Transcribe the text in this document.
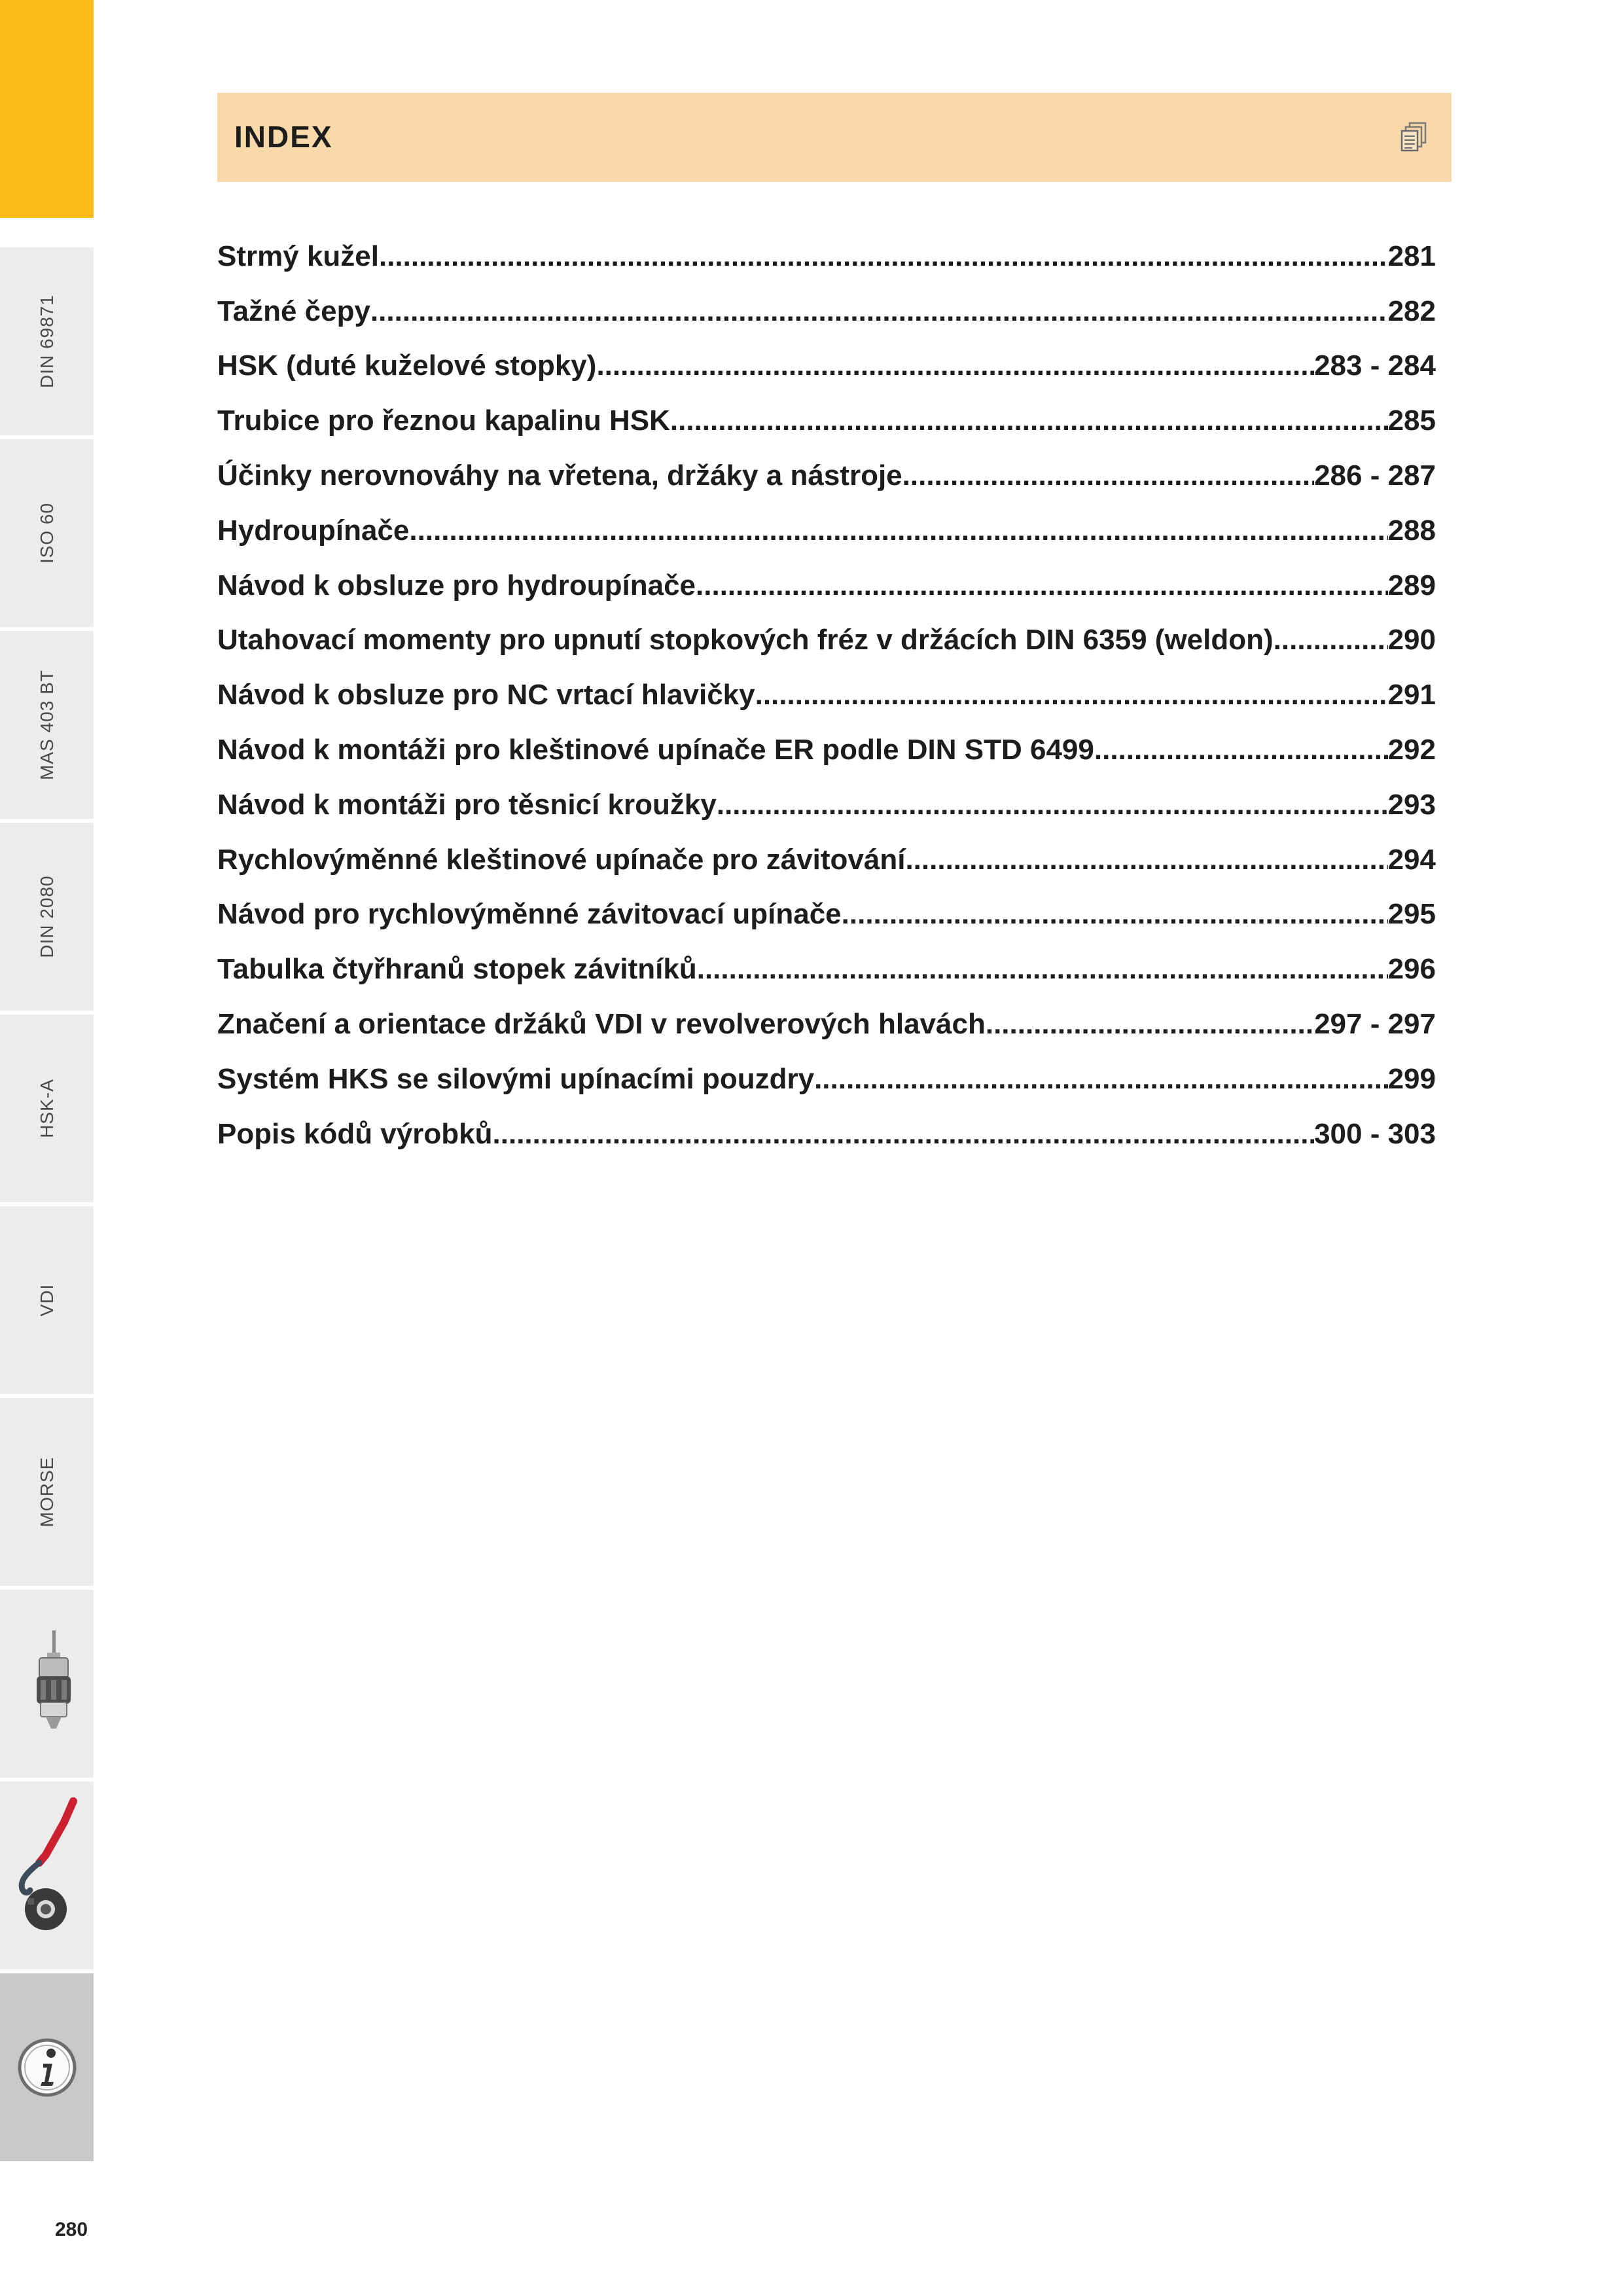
DIN 69871
ISO 60
MAS 403 BT
DIN 2080
HSK-A
VDI
MORSE
280
INDEX
Strmý kužel .....	281
Tažné čepy .....	282
HSK (duté kuželové stopky) .....	283 - 284
Trubice pro řeznou kapalinu HSK .....	285
Účinky nerovnováhy na vřetena, držáky a nástroje .....	286 - 287
Hydroupínače .....	288
Návod k obsluze pro hydroupínače .....	289
Utahovací momenty pro upnutí stopkových fréz v držácích DIN 6359 (weldon) .....	290
Návod k obsluze pro NC vrtací hlavičky .....	291
Návod k montáži pro kleštinové upínače ER podle DIN STD 6499 .....	292
Návod k montáži pro těsnicí kroužky .....	293
Rychlovýměnné kleštinové upínače pro závitování .....	294
Návod pro rychlovýměnné závitovací upínače .....	295
Tabulka čtyřhranů stopek závitníků .....	296
Značení a orientace držáků VDI v revolverových hlavách .....	297 - 297
Systém HKS se silovými upínacími pouzdry .....	299
Popis kódů výrobků .....	300 - 303
